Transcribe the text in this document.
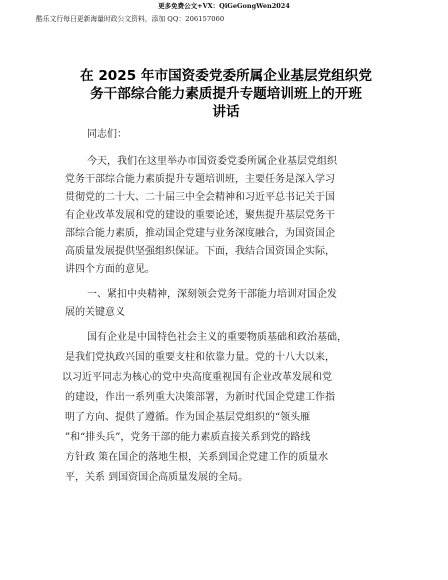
更多免费公文+VX：QiGeGongWen2024
酷乐文行每日更新海量时政公文资料，添加 QQ：206157060
在 2025 年市国资委党委所属企业基层党组织党
务干部综合能力素质提升专题培训班上的开班
讲话
同志们：
今天，我们在这里举办市国资委党委所属企业基层党组织
党务干部综合能力素质提升专题培训班，主要任务是深入学习
贯彻党的二十大、二十届三中全会精神和习近平总书记关于国
有企业改革发展和党的建设的重要论述，聚焦提升基层党务干
部综合能力素质，推动国企党建与业务深度融合，为国资国企
高质量发展提供坚强组织保证。下面，我结合国资国企实际，
讲四个方面的意见。
一、紧扣中央精神，深刻领会党务干部能力培训对国企发
展的关键意义
国有企业是中国特色社会主义的重要物质基础和政治基础，
是我们党执政兴国的重要支柱和依靠力量。党的十八大以来，
以习近平同志为核心的党中央高度重视国有企业改革发展和党
的建设，作出一系列重大决策部署，为新时代国企党建工作指
明了方向、提供了遵循。作为国企基层党组织的“领头雁
”和“排头兵”，党务干部的能力素质直接关系到党的路线
方针政 策在国企的落地生根，关系到国企党建工作的质量水
平，关系 到国资国企高质量发展的全局。
